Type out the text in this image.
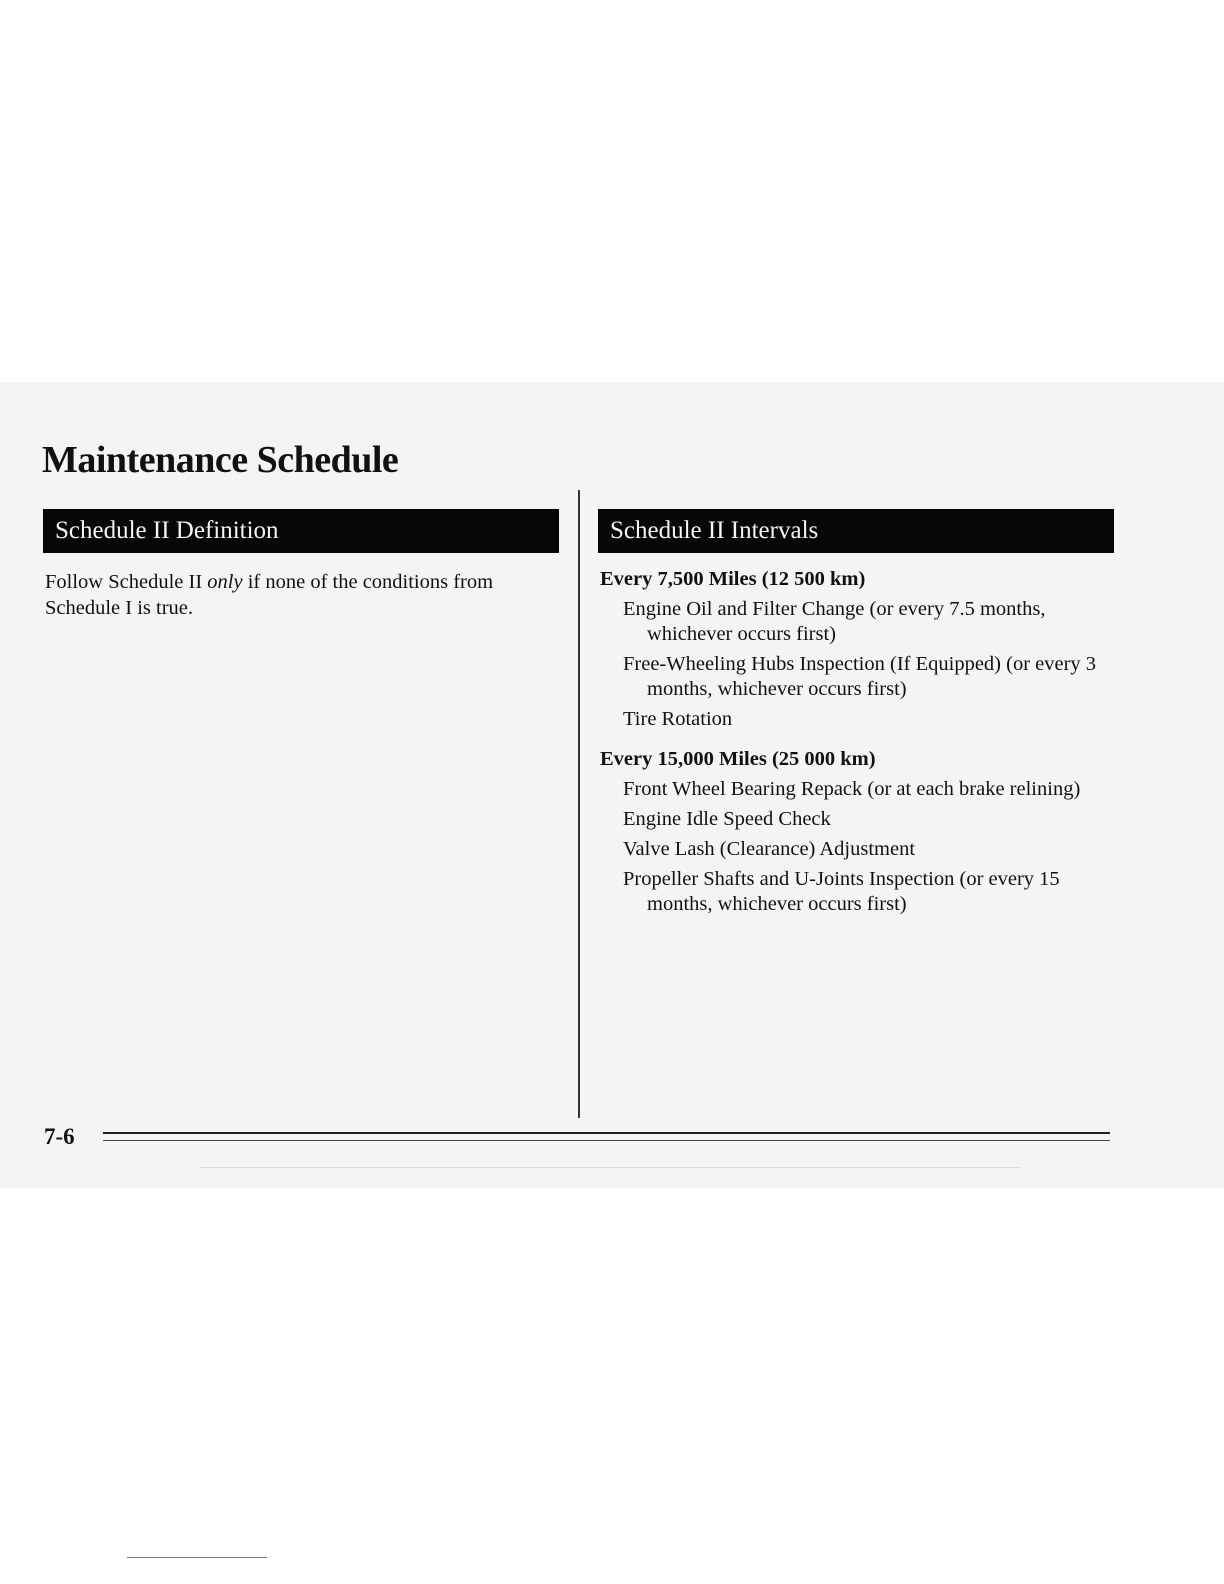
Maintenance Schedule
Schedule II Definition

Follow Schedule II only if none of the conditions from Schedule I is true.

Schedule II Intervals

Every 7,500 Miles (12 500 km)

Engine Oil and Filter Change (or every 7.5 months, whichever occurs first)

Free-Wheeling Hubs Inspection (If Equipped) (or every 3 months, whichever occurs first)

Tire Rotation

Every 15,000 Miles (25 000 km)

Front Wheel Bearing Repack (or at each brake relining)

Engine Idle Speed Check

Valve Lash (Clearance) Adjustment

Propeller Shafts and U-Joints Inspection (or every 15 months, whichever occurs first)

7-6
